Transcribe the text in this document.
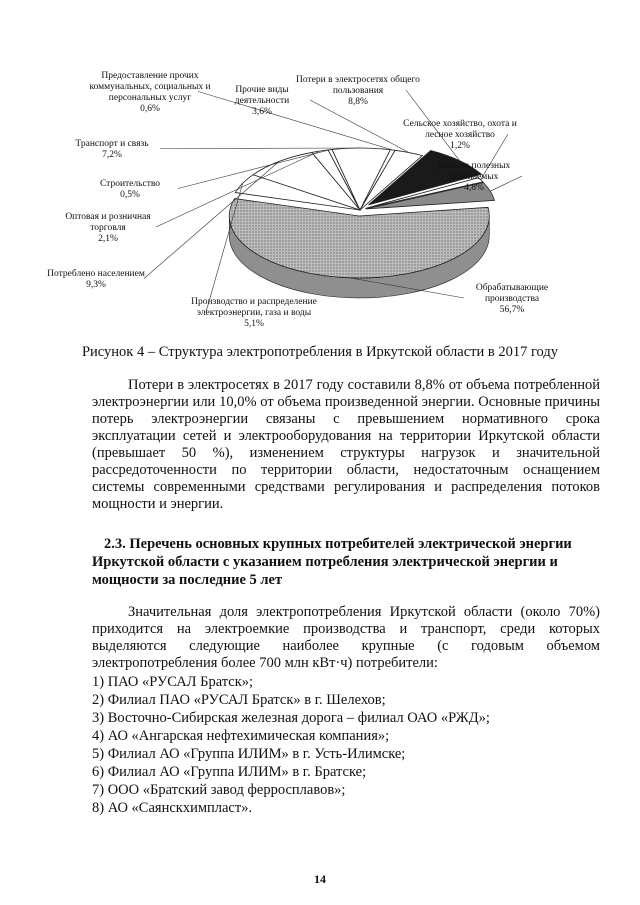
Обрабатывающие производства 56,7%
Производство и распределение электроэнергии, газа и воды 5,1%
Потреблено населением 9,3%
Оптовая и розничная торговля 2,1%
Строительство 0,5%
Транспорт и связь 7,2%
Предоставление прочих коммунальных, социальных и персональных услуг 0,6%
Прочие виды деятельности 3,6%
Потери в электросетях общего пользования 8,8%
Сельское хозяйство, охота и лесное хозяйство 1,2%
Добыча полезных ископаемых 4,8%
Рисунок 4 – Структура электропотребления в Иркутской области в 2017 году
Потери в электросетях в 2017 году составили 8,8% от объема потребленной электроэнергии или 10,0% от объема произведенной энергии. Основные причины потерь электроэнергии связаны с превышением нормативного срока эксплуатации сетей и электрооборудования на территории Иркутской области (превышает 50 %), изменением структуры нагрузок и значительной рассредоточенности по территории области, недостаточным оснащением системы современными средствами регулирования и распределения потоков мощности и энергии.
2.3. Перечень основных крупных потребителей электрической энергии Иркутской области с указанием потребления электрической энергии и мощности за последние 5 лет
Значительная доля электропотребления Иркутской области (около 70%) приходится на электроемкие производства и транспорт, среди которых выделяются следующие наиболее крупные (с годовым объемом электропотребления более 700 млн кВт·ч) потребители:
1) ПАО «РУСАЛ Братск»;
2) Филиал ПАО «РУСАЛ Братск» в г. Шелехов;
3) Восточно-Сибирская железная дорога – филиал ОАО «РЖД»;
4) АО «Ангарская нефтехимическая компания»;
5) Филиал АО «Группа ИЛИМ» в г. Усть-Илимске;
6) Филиал АО «Группа ИЛИМ» в г. Братске;
7) ООО «Братский завод ферросплавов»;
8) АО «Саянскхимпласт».
14
